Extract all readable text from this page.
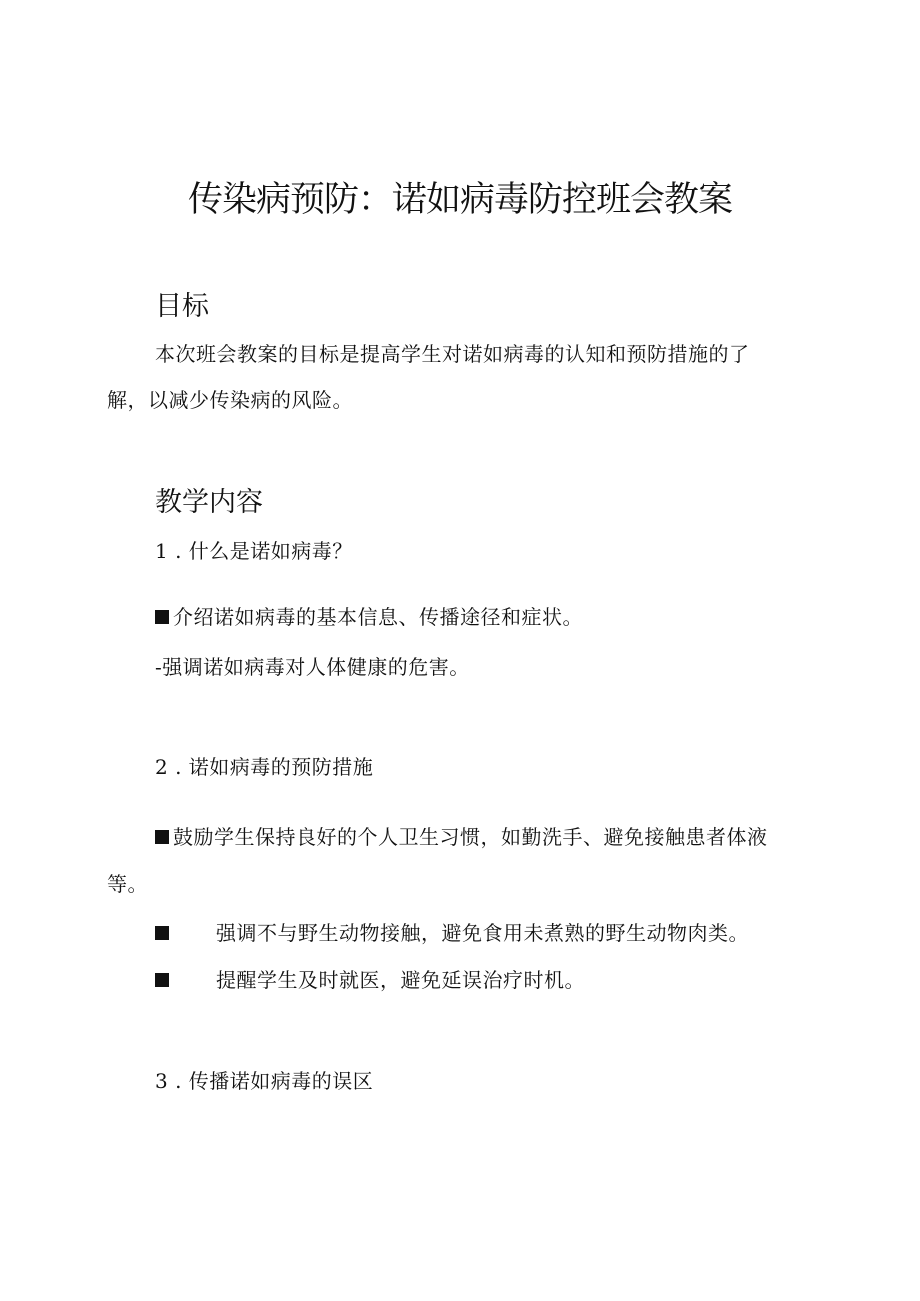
传染病预防：诺如病毒防控班会教案
目标
本次班会教案的目标是提高学生对诺如病毒的认知和预防措施的了
解，以减少传染病的风险。
教学内容
1 . 什么是诺如病毒？
介绍诺如病毒的基本信息、传播途径和症状。
-强调诺如病毒对人体健康的危害。
2 . 诺如病毒的预防措施
鼓励学生保持良好的个人卫生习惯，如勤洗手、避免接触患者体液
等。
强调不与野生动物接触，避免食用未煮熟的野生动物肉类。
提醒学生及时就医，避免延误治疗时机。
3 . 传播诺如病毒的误区
